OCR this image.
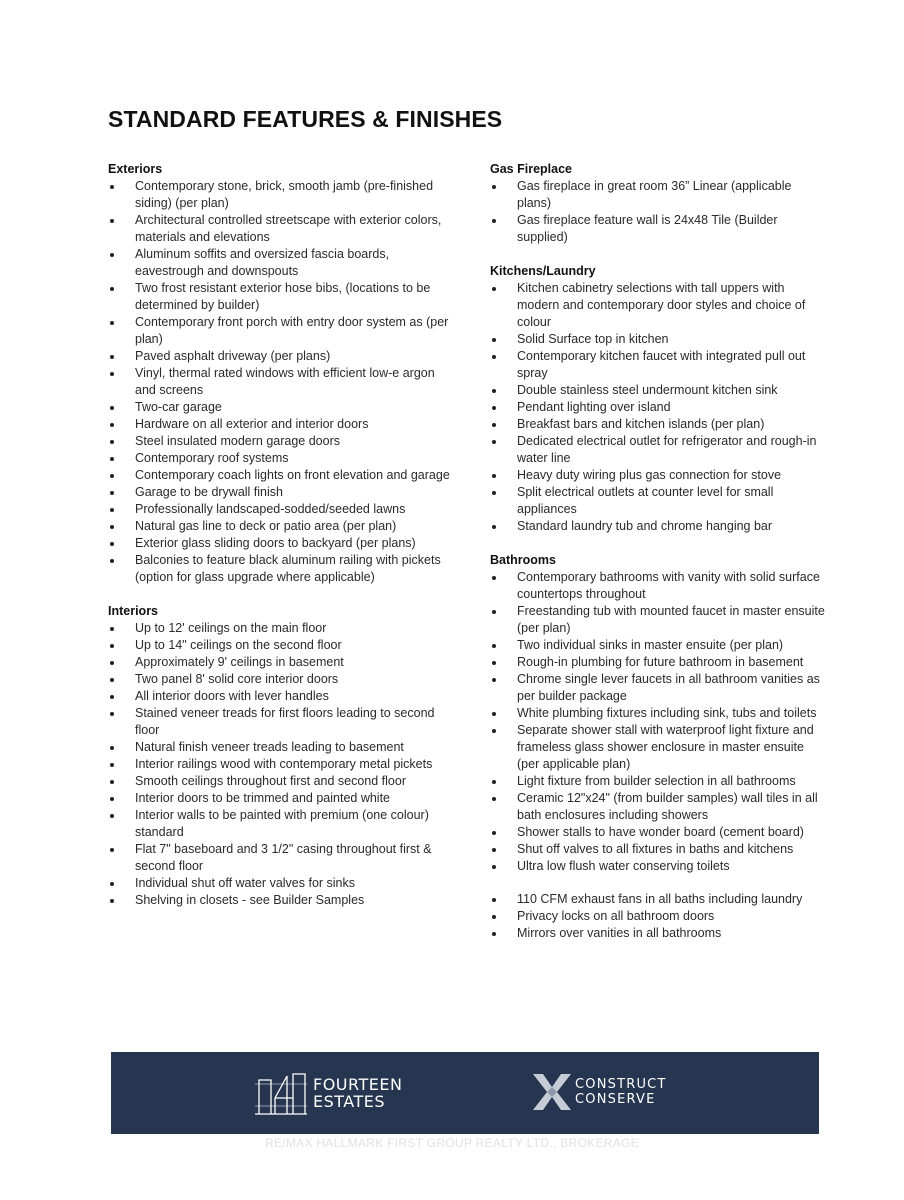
STANDARD FEATURES & FINISHES
Exteriors
Contemporary stone, brick, smooth jamb (pre-finished siding) (per plan)
Architectural controlled streetscape with exterior colors, materials and elevations
Aluminum soffits and oversized fascia boards, eavestrough and downspouts
Two frost resistant exterior hose bibs, (locations to be determined by builder)
Contemporary front porch with entry door system as (per plan)
Paved asphalt driveway (per plans)
Vinyl, thermal rated windows with efficient low-e argon and screens
Two-car garage
Hardware on all exterior and interior doors
Steel insulated modern garage doors
Contemporary roof systems
Contemporary coach lights on front elevation and garage
Garage to be drywall finish
Professionally landscaped-sodded/seeded lawns
Natural gas line to deck or patio area (per plan)
Exterior glass sliding doors to backyard (per plans)
Balconies to feature black aluminum railing with pickets (option for glass upgrade where applicable)
Interiors
Up to 12' ceilings on the main floor
Up to 14" ceilings on the second floor
Approximately 9' ceilings in basement
Two panel 8' solid core interior doors
All interior doors with lever handles
Stained veneer treads for first floors leading to second floor
Natural finish veneer treads leading to basement
Interior railings wood with contemporary metal pickets
Smooth ceilings throughout first and second floor
Interior doors to be trimmed and painted white
Interior walls to be painted with premium (one colour) standard
Flat 7" baseboard and 3 1/2" casing throughout first & second floor
Individual shut off water valves for sinks
Shelving in closets - see Builder Samples
Gas Fireplace
Gas fireplace in great room 36” Linear (applicable plans)
Gas fireplace feature wall is 24x48 Tile (Builder supplied)
Kitchens/Laundry
Kitchen cabinetry selections with tall uppers with modern and contemporary door styles and choice of colour
Solid Surface top in kitchen
Contemporary kitchen faucet with integrated pull out spray
Double stainless steel undermount kitchen sink
Pendant lighting over island
Breakfast bars and kitchen islands (per plan)
Dedicated electrical outlet for refrigerator and rough-in water line
Heavy duty wiring plus gas connection for stove
Split electrical outlets at counter level for small appliances
Standard laundry tub and chrome hanging bar
Bathrooms
Contemporary bathrooms with vanity with solid surface countertops throughout
Freestanding tub with mounted faucet in master ensuite (per plan)
Two individual sinks in master ensuite (per plan)
Rough-in plumbing for future bathroom in basement
Chrome single lever faucets in all bathroom vanities as per builder package
White plumbing fixtures including sink, tubs and toilets
Separate shower stall with waterproof light fixture and frameless glass shower enclosure in master ensuite (per applicable plan)
Light fixture from builder selection in all bathrooms
Ceramic 12"x24" (from builder samples) wall tiles in all bath enclosures including showers
Shower stalls to have wonder board (cement board)
Shut off valves to all fixtures in baths and kitchens
Ultra low flush water conserving toilets
110 CFM exhaust fans in all baths including laundry
Privacy locks on all bathroom doors
Mirrors over vanities in all bathrooms
FOURTEEN
ESTATES
CONSTRUCT
CONSERVE
RE/MAX HALLMARK FIRST GROUP REALTY LTD., BROKERAGE
